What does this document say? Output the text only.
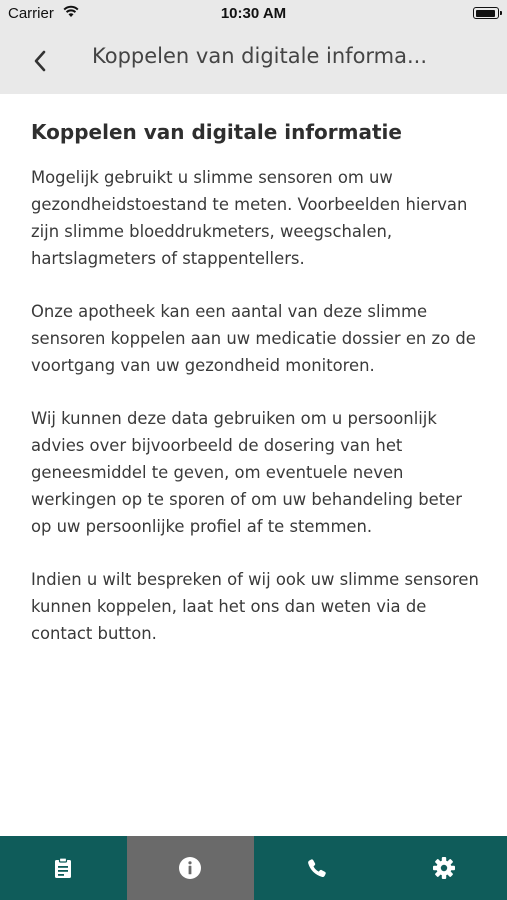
Carrier	10:30 AM
Koppelen van digitale informa...
Koppelen van digitale informatie

Mogelijk gebruikt u slimme sensoren om uw gezondheidstoestand te meten. Voorbeelden hiervan zijn slimme bloeddrukmeters, weegschalen, hartslagmeters of stappentellers.

Onze apotheek kan een aantal van deze slimme sensoren koppelen aan uw medicatie dossier en zo de voortgang van uw gezondheid monitoren.

Wij kunnen deze data gebruiken om u persoonlijk advies over bijvoorbeeld de dosering van het geneesmiddel te geven, om eventuele neven werkingen op te sporen of om uw behandeling beter op uw persoonlijke profiel af te stemmen.

Indien u wilt bespreken of wij ook uw slimme sensoren kunnen koppelen, laat het ons dan weten via de contact button.
